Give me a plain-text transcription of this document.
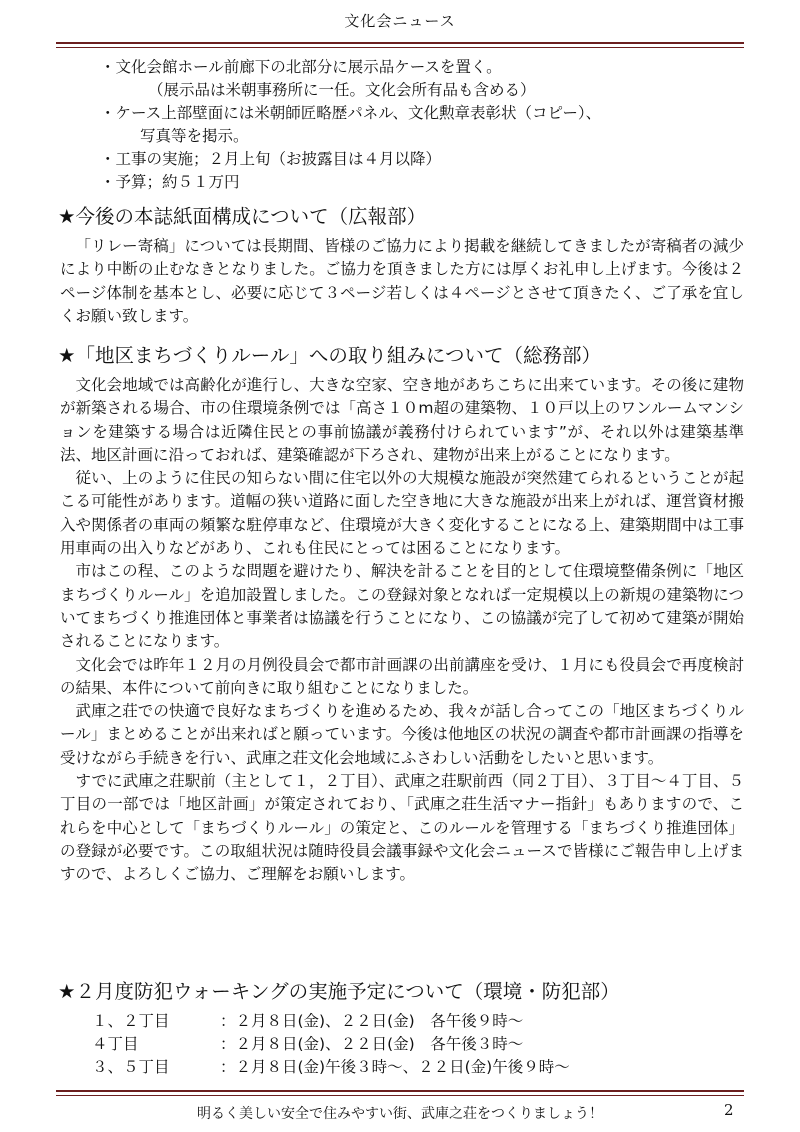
文化会ニュース
・文化会館ホール前廊下の北部分に展示品ケースを置く。
（展示品は米朝事務所に一任。文化会所有品も含める）
・ケース上部壁面には米朝師匠略歴パネル、文化勲章表彰状（コピー）、
写真等を掲示。
・工事の実施；２月上旬（お披露目は４月以降）
・予算；約５１万円
★今後の本誌紙面構成について（広報部）

「リレー寄稿」については長期間、皆様のご協力により掲載を継続してきましたが寄稿者の減少により中断の止むなきとなりました。ご協力を頂きました方には厚くお礼申し上げます。今後は２ページ体制を基本とし、必要に応じて３ページ若しくは４ページとさせて頂きたく、ご了承を宜しくお願い致します。

★「地区まちづくりルール」への取り組みについて（総務部）

文化会地域では高齢化が進行し、大きな空家、空き地があちこちに出来ています。その後に建物が新築される場合、市の住環境条例では「高さ１０m超の建築物、１０戸以上のワンルームマンションを建築する場合は近隣住民との事前協議が義務付けられています”が、それ以外は建築基準法、地区計画に沿っておれば、建築確認が下ろされ、建物が出来上がることになります。

従い、上のように住民の知らない間に住宅以外の大規模な施設が突然建てられるということが起こる可能性があります。道幅の狭い道路に面した空き地に大きな施設が出来上がれば、運営資材搬入や関係者の車両の頻繁な駐停車など、住環境が大きく変化することになる上、建築期間中は工事用車両の出入りなどがあり、これも住民にとっては困ることになります。

市はこの程、このような問題を避けたり、解決を計ることを目的として住環境整備条例に「地区まちづくりルール」を追加設置しました。この登録対象となれば一定規模以上の新規の建築物についてまちづくり推進団体と事業者は協議を行うことになり、この協議が完了して初めて建築が開始されることになります。

文化会では昨年１２月の月例役員会で都市計画課の出前講座を受け、１月にも役員会で再度検討の結果、本件について前向きに取り組むことになりました。

武庫之荘での快適で良好なまちづくりを進めるため、我々が話し合ってこの「地区まちづくりルール」まとめることが出来ればと願っています。今後は他地区の状況の調査や都市計画課の指導を受けながら手続きを行い、武庫之荘文化会地域にふさわしい活動をしたいと思います。

すでに武庫之荘駅前（主として１，２丁目）、武庫之荘駅前西（同２丁目）、３丁目～４丁目、５丁目の一部では「地区計画」が策定されており、「武庫之荘生活マナー指針」もありますので、これらを中心として「まちづくりルール」の策定と、このルールを管理する「まちづくり推進団体」の登録が必要です。この取組状況は随時役員会議事録や文化会ニュースで皆様にご報告申し上げますので、よろしくご協力、ご理解をお願いします。

★２月度防犯ウォーキングの実施予定について（環境・防犯部）
１、２丁目	：２月８日(金)、２２日(金)　各午後９時～
４丁目	：２月８日(金)、２２日(金)　各午後３時～
３、５丁目	：２月８日(金)午後３時～、２２日(金)午後９時～
明るく美しい安全で住みやすい街、武庫之荘をつくりましょう！	2
